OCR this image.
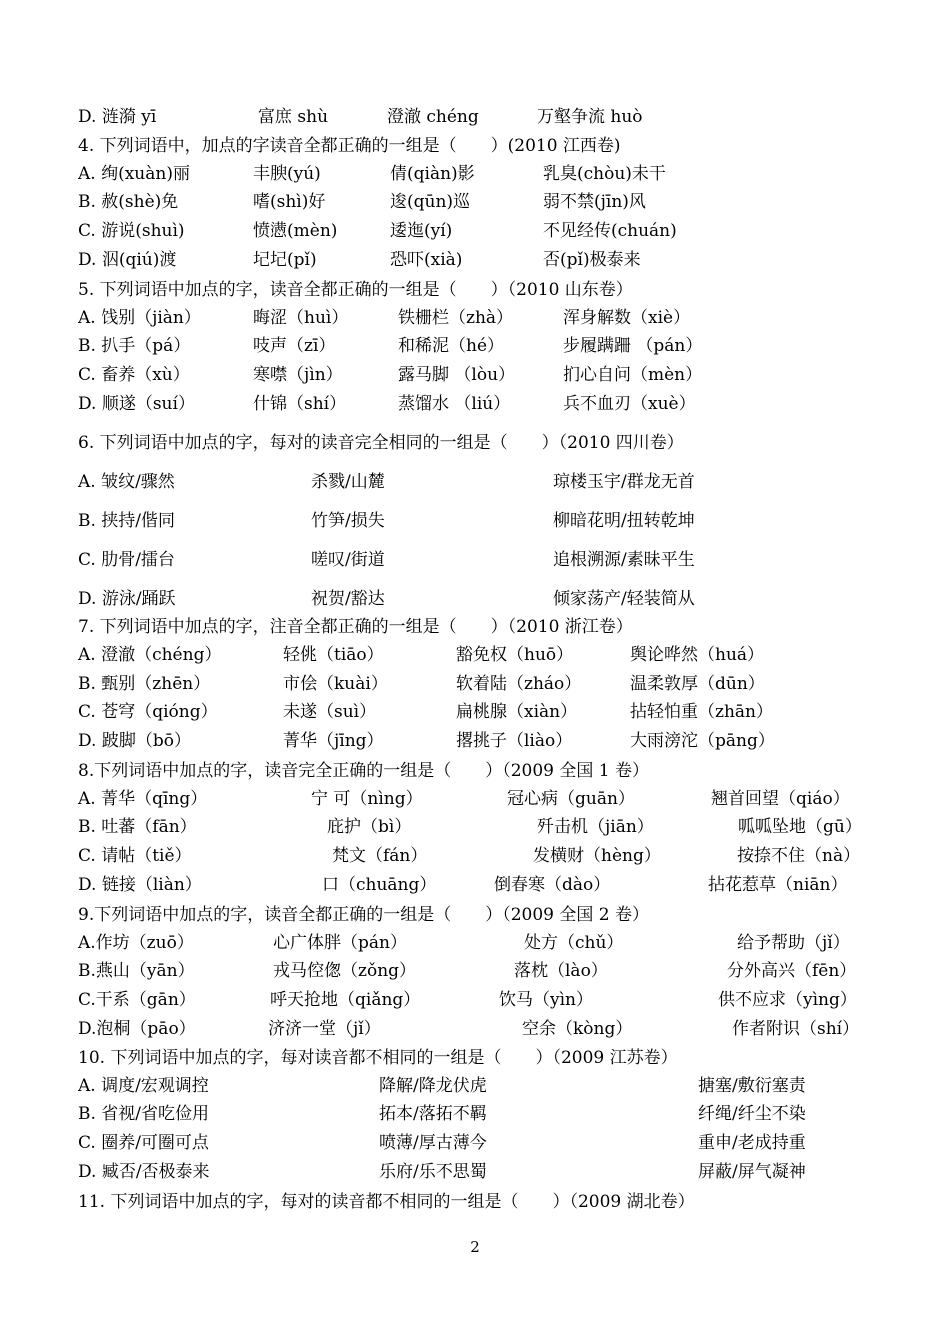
D. 涟漪 yī	富庶 shù	澄澈 chéng	万壑争流 huò
4. 下列词语中，加点的字读音全都正确的一组是（　　）(2010 江西卷)
A. 绚(xuàn)丽	丰腴(yú)	倩(qiàn)影	乳臭(chòu)未干
B. 赦(shè)免	嗜(shì)好	逡(qūn)巡	弱不禁(jīn)风
C. 游说(shuì)	愤懑(mèn)	逶迤(yí)	不见经传(chuán)
D. 泅(qiú)渡	圮圮(pǐ)	恐吓(xià)	否(pǐ)极泰来
5. 下列词语中加点的字，读音全都正确的一组是（　　）（2010 山东卷）
A. 饯别（jiàn）	晦涩（huì）	铁栅栏（zhà）	浑身解数（xiè）
B. 扒手（pá）	吱声（zī）	和稀泥（hé）	步履蹒跚 （pán）
C. 畜养（xù）	寒噤（jìn）	露马脚 （lòu）	扪心自问（mèn）
D. 顺遂（suí）	什锦（shí）	蒸馏水 （liú）	兵不血刃（xuè）
6. 下列词语中加点的字，每对的读音完全相同的一组是（　　）（2010 四川卷）
A. 皱纹/骤然	杀戮/山麓	琼楼玉宇/群龙无首
B. 挟持/偕同	竹笋/损失	柳暗花明/扭转乾坤
C. 肋骨/擂台	嗟叹/街道	追根溯源/素昧平生
D. 游泳/踊跃	祝贺/豁达	倾家荡产/轻装简从
7. 下列词语中加点的字，注音全都正确的一组是（　　）（2010 浙江卷）
A. 澄澈（chéng）	轻佻（tiāo）	豁免权（huō）	舆论哗然（huá）
B. 甄别（zhēn）	市侩（kuài）	软着陆（zháo）	温柔敦厚（dūn）
C. 苍穹（qióng）	未遂（suì）	扁桃腺（xiàn）	拈轻怕重（zhān）
D. 跛脚（bō）	菁华（jīng）	撂挑子（liào）	大雨滂沱（pāng）
8.下列词语中加点的字，读音完全正确的一组是（　　）（2009 全国 1 卷）
A. 菁华（qīng）	宁 可（nìng）	冠心病（guān）	翘首回望（qiáo）
B. 吐蕃（fān）	庇护（bì）	歼击机（jiān）	呱呱坠地（gū）
C. 请帖（tiě）	梵文（fán）	发横财（hèng）	按捺不住（nà）
D. 链接（liàn）	口（chuāng）	倒春寒（dào）	拈花惹草（niān）
9.下列词语中加点的字，读音全都正确的一组是（　　）（2009 全国 2 卷）
A.作坊（zuō）	心广体胖（pán）	处方（chǔ）	给予帮助（jǐ）
B.燕山（yān）	戎马倥偬（zǒng）	落枕（lào）	分外高兴（fēn）
C.干系（gān）	呼天抢地（qiǎng）	饮马（yìn）	供不应求（yìng）
D.泡桐（pāo）	济济一堂（jǐ）	空余（kòng）	作者附识（shí）
10. 下列词语中加点的字，每对读音都不相同的一组是（　　）（2009 江苏卷）
A. 调度/宏观调控	降解/降龙伏虎	搪塞/敷衍塞责
B. 省视/省吃俭用	拓本/落拓不羁	纤绳/纤尘不染
C. 圈养/可圈可点	喷薄/厚古薄今	重申/老成持重
D. 臧否/否极泰来	乐府/乐不思蜀	屏蔽/屏气凝神
11. 下列词语中加点的字，每对的读音都不相同的一组是（　　）（2009 湖北卷）
2
